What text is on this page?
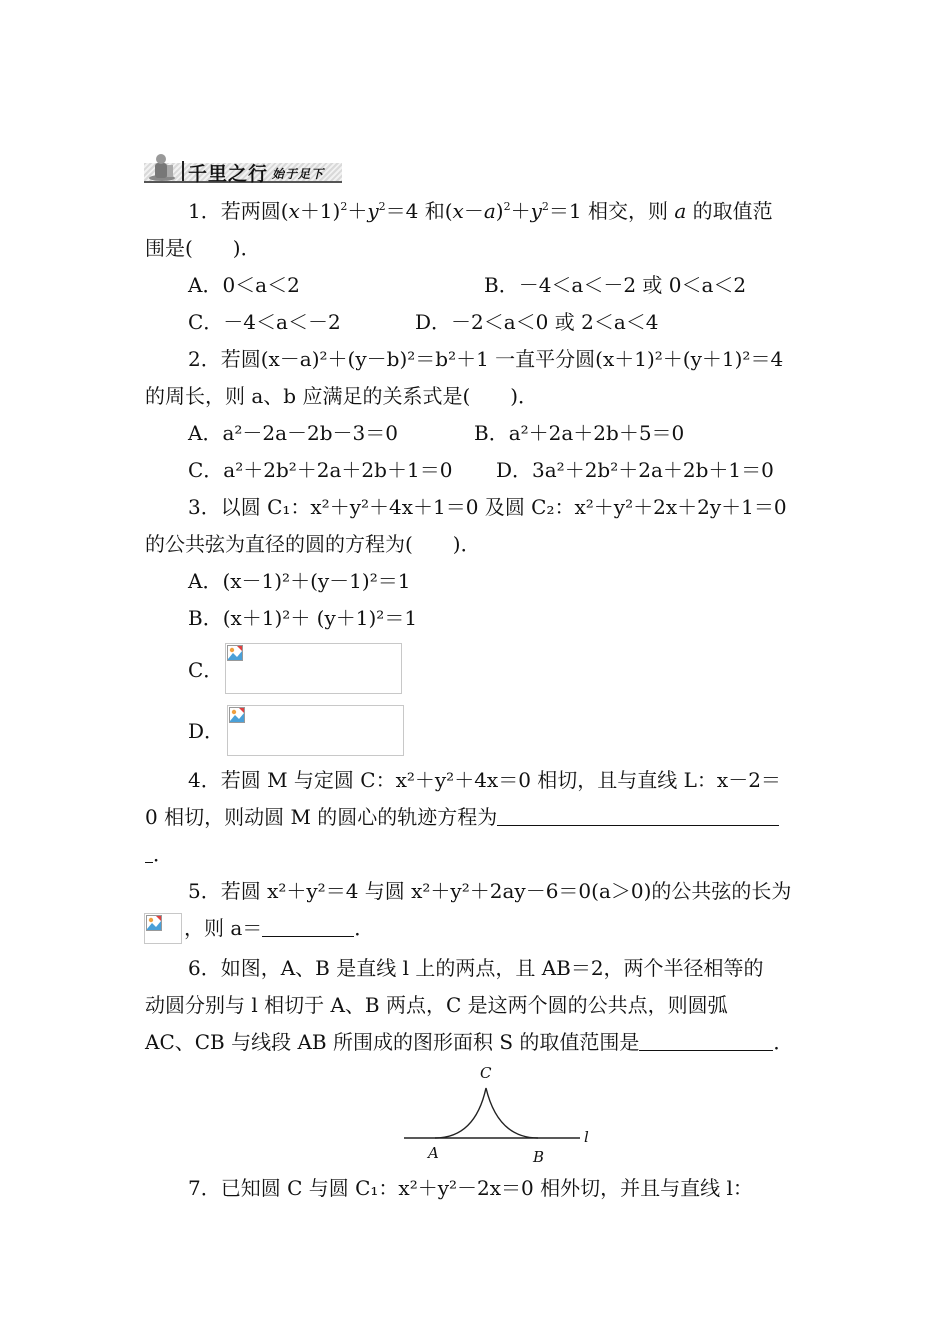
千里之行 始于足下
1．若两圆$(x+1)^2+y^2=4$ 和$(x-a)^2+y^2=1$ 相交，则 a 的取值范
围是(　　)．
A．0＜a＜2	B．－4＜a＜－2 或 0＜a＜2
C．－4＜a＜－2	D．－2＜a＜0 或 2＜a＜4
2．若圆(x－a)²＋(y－b)²＝b²＋1 一直平分圆(x＋1)²＋(y＋1)²＝4
的周长，则 a、b 应满足的关系式是(　　)．
A．a²－2a－2b－3＝0	B．a²＋2a＋2b＋5＝0
C．a²＋2b²＋2a＋2b＋1＝0 D．3a²＋2b²＋2a＋2b＋1＝0
3．以圆 C₁：x²＋y²＋4x＋1＝0 及圆 C₂：x²＋y²＋2x＋2y＋1＝0
的公共弦为直径的圆的方程为(　　)．
A．(x－1)²＋(y－1)²＝1
B．(x＋1)²＋ (y＋1)²＝1
C．
D．
4．若圆 M 与定圆 C：x²＋y²＋4x＝0 相切，且与直线 L：x－2＝
0 相切，则动圆 M 的圆心的轨迹方程为
．
5．若圆 x²＋y²＝4 与圆 x²＋y²＋2ay－6＝0(a＞0)的公共弦的长为
，则 a＝	．
6．如图，A、B 是直线 l 上的两点，且 AB＝2，两个半径相等的
动圆分别与 l 相切于 A、B 两点，C 是这两个圆的公共点，则圆弧
AC、CB 与线段 AB 所围成的图形面积 S 的取值范围是	．
C
A	B
l
7．已知圆 C 与圆 C₁：x²＋y²－2x＝0 相外切，并且与直线 l：
